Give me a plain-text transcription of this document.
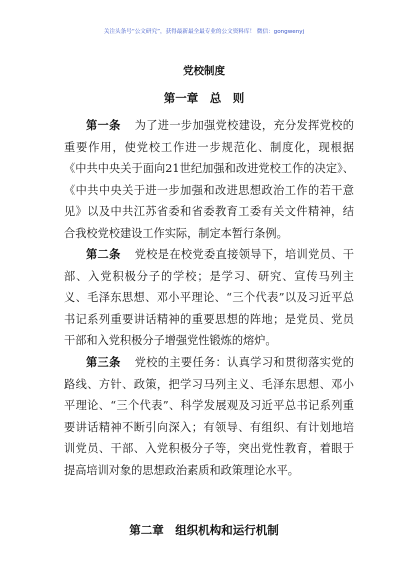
关注头条号“公文研究”，获得最新最全最专业的公文资料库！ 微信：gongwenyj
党校制度
第一章　总　则

第一条 为了进一步加强党校建设，充分发挥党校的重要作用，使党校工作进一步规范化、制度化，现根据《中共中央关于面向21世纪加强和改进党校工作的决定》、《中共中央关于进一步加强和改进思想政治工作的若干意见》以及中共江苏省委和省委教育工委有关文件精神，结合我校党校建设工作实际，制定本暂行条例。

第二条 党校是在校党委直接领导下，培训党员、干部、入党积极分子的学校；是学习、研究、宣传马列主义、毛泽东思想、邓小平理论、“三个代表”以及习近平总书记系列重要讲话精神的重要思想的阵地；是党员、党员干部和入党积极分子增强党性锻炼的熔炉。

第三条 党校的主要任务：认真学习和贯彻落实党的路线、方针、政策，把学习马列主义、毛泽东思想、邓小平理论、“三个代表”、科学发展观及习近平总书记系列重要讲话精神不断引向深入；有领导、有组织、有计划地培训党员、干部、入党积极分子等，突出党性教育，着眼于提高培训对象的思想政治素质和政策理论水平。

第二章　组织机构和运行机制
